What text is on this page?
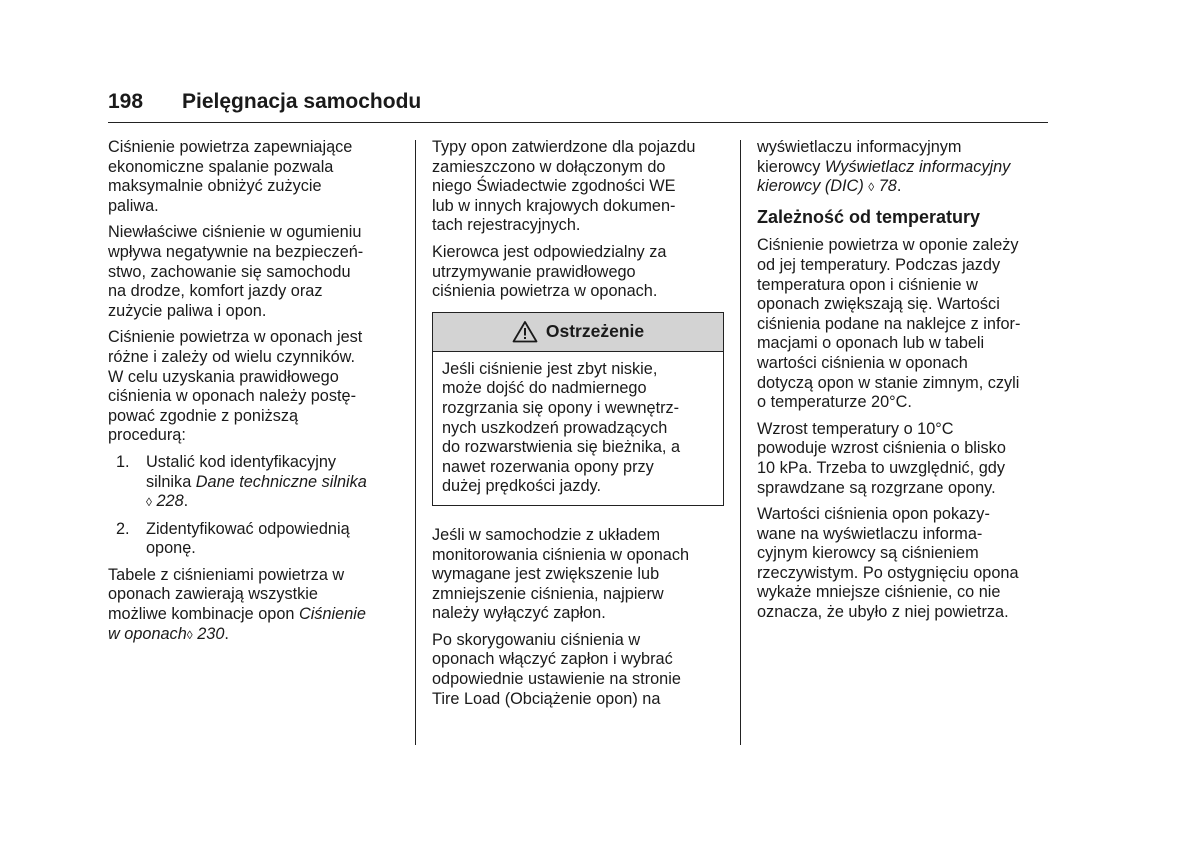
198 Pielęgnacja samochodu

Ciśnienie powietrza zapewniające
ekonomiczne spalanie pozwala
maksymalnie obniżyć zużycie
paliwa.

Niewłaściwe ciśnienie w ogumieniu
wpływa negatywnie na bezpieczeń‐
stwo, zachowanie się samochodu
na drodze, komfort jazdy oraz
zużycie paliwa i opon.

Ciśnienie powietrza w oponach jest
różne i zależy od wielu czynników.
W celu uzyskania prawidłowego
ciśnienia w oponach należy postę‐
pować zgodnie z poniższą
procedurą:

1. Ustalić kod identyfikacyjny
silnika Dane techniczne silnika
◊ 228.
2. Zidentyfikować odpowiednią
oponę.

Tabele z ciśnieniami powietrza w
oponach zawierają wszystkie
możliwe kombinacje opon Ciśnienie
w oponach◊ 230.

Typy opon zatwierdzone dla pojazdu
zamieszczono w dołączonym do
niego Świadectwie zgodności WE
lub w innych krajowych dokumen‐
tach rejestracyjnych.

Kierowca jest odpowiedzialny za
utrzymywanie prawidłowego
ciśnienia powietrza w oponach.

Ostrzeżenie
Jeśli ciśnienie jest zbyt niskie,
może dojść do nadmiernego
rozgrzania się opony i wewnętrz‐
nych uszkodzeń prowadzących
do rozwarstwienia się bieżnika, a
nawet rozerwania opony przy
dużej prędkości jazdy.

Jeśli w samochodzie z układem
monitorowania ciśnienia w oponach
wymagane jest zwiększenie lub
zmniejszenie ciśnienia, najpierw
należy wyłączyć zapłon.

Po skorygowaniu ciśnienia w
oponach włączyć zapłon i wybrać
odpowiednie ustawienie na stronie
Tire Load (Obciążenie opon) na

wyświetlaczu informacyjnym
kierowcy Wyświetlacz informacyjny
kierowcy (DIC) ◊ 78.

Zależność od temperatury

Ciśnienie powietrza w oponie zależy
od jej temperatury. Podczas jazdy
temperatura opon i ciśnienie w
oponach zwiększają się. Wartości
ciśnienia podane na naklejce z infor‐
macjami o oponach lub w tabeli
wartości ciśnienia w oponach
dotyczą opon w stanie zimnym, czyli
o temperaturze 20°C.

Wzrost temperatury o 10°C
powoduje wzrost ciśnienia o blisko
10 kPa. Trzeba to uwzględnić, gdy
sprawdzane są rozgrzane opony.

Wartości ciśnienia opon pokazy‐
wane na wyświetlaczu informa‐
cyjnym kierowcy są ciśnieniem
rzeczywistym. Po ostygnięciu opona
wykaże mniejsze ciśnienie, co nie
oznacza, że ubyło z niej powietrza.
